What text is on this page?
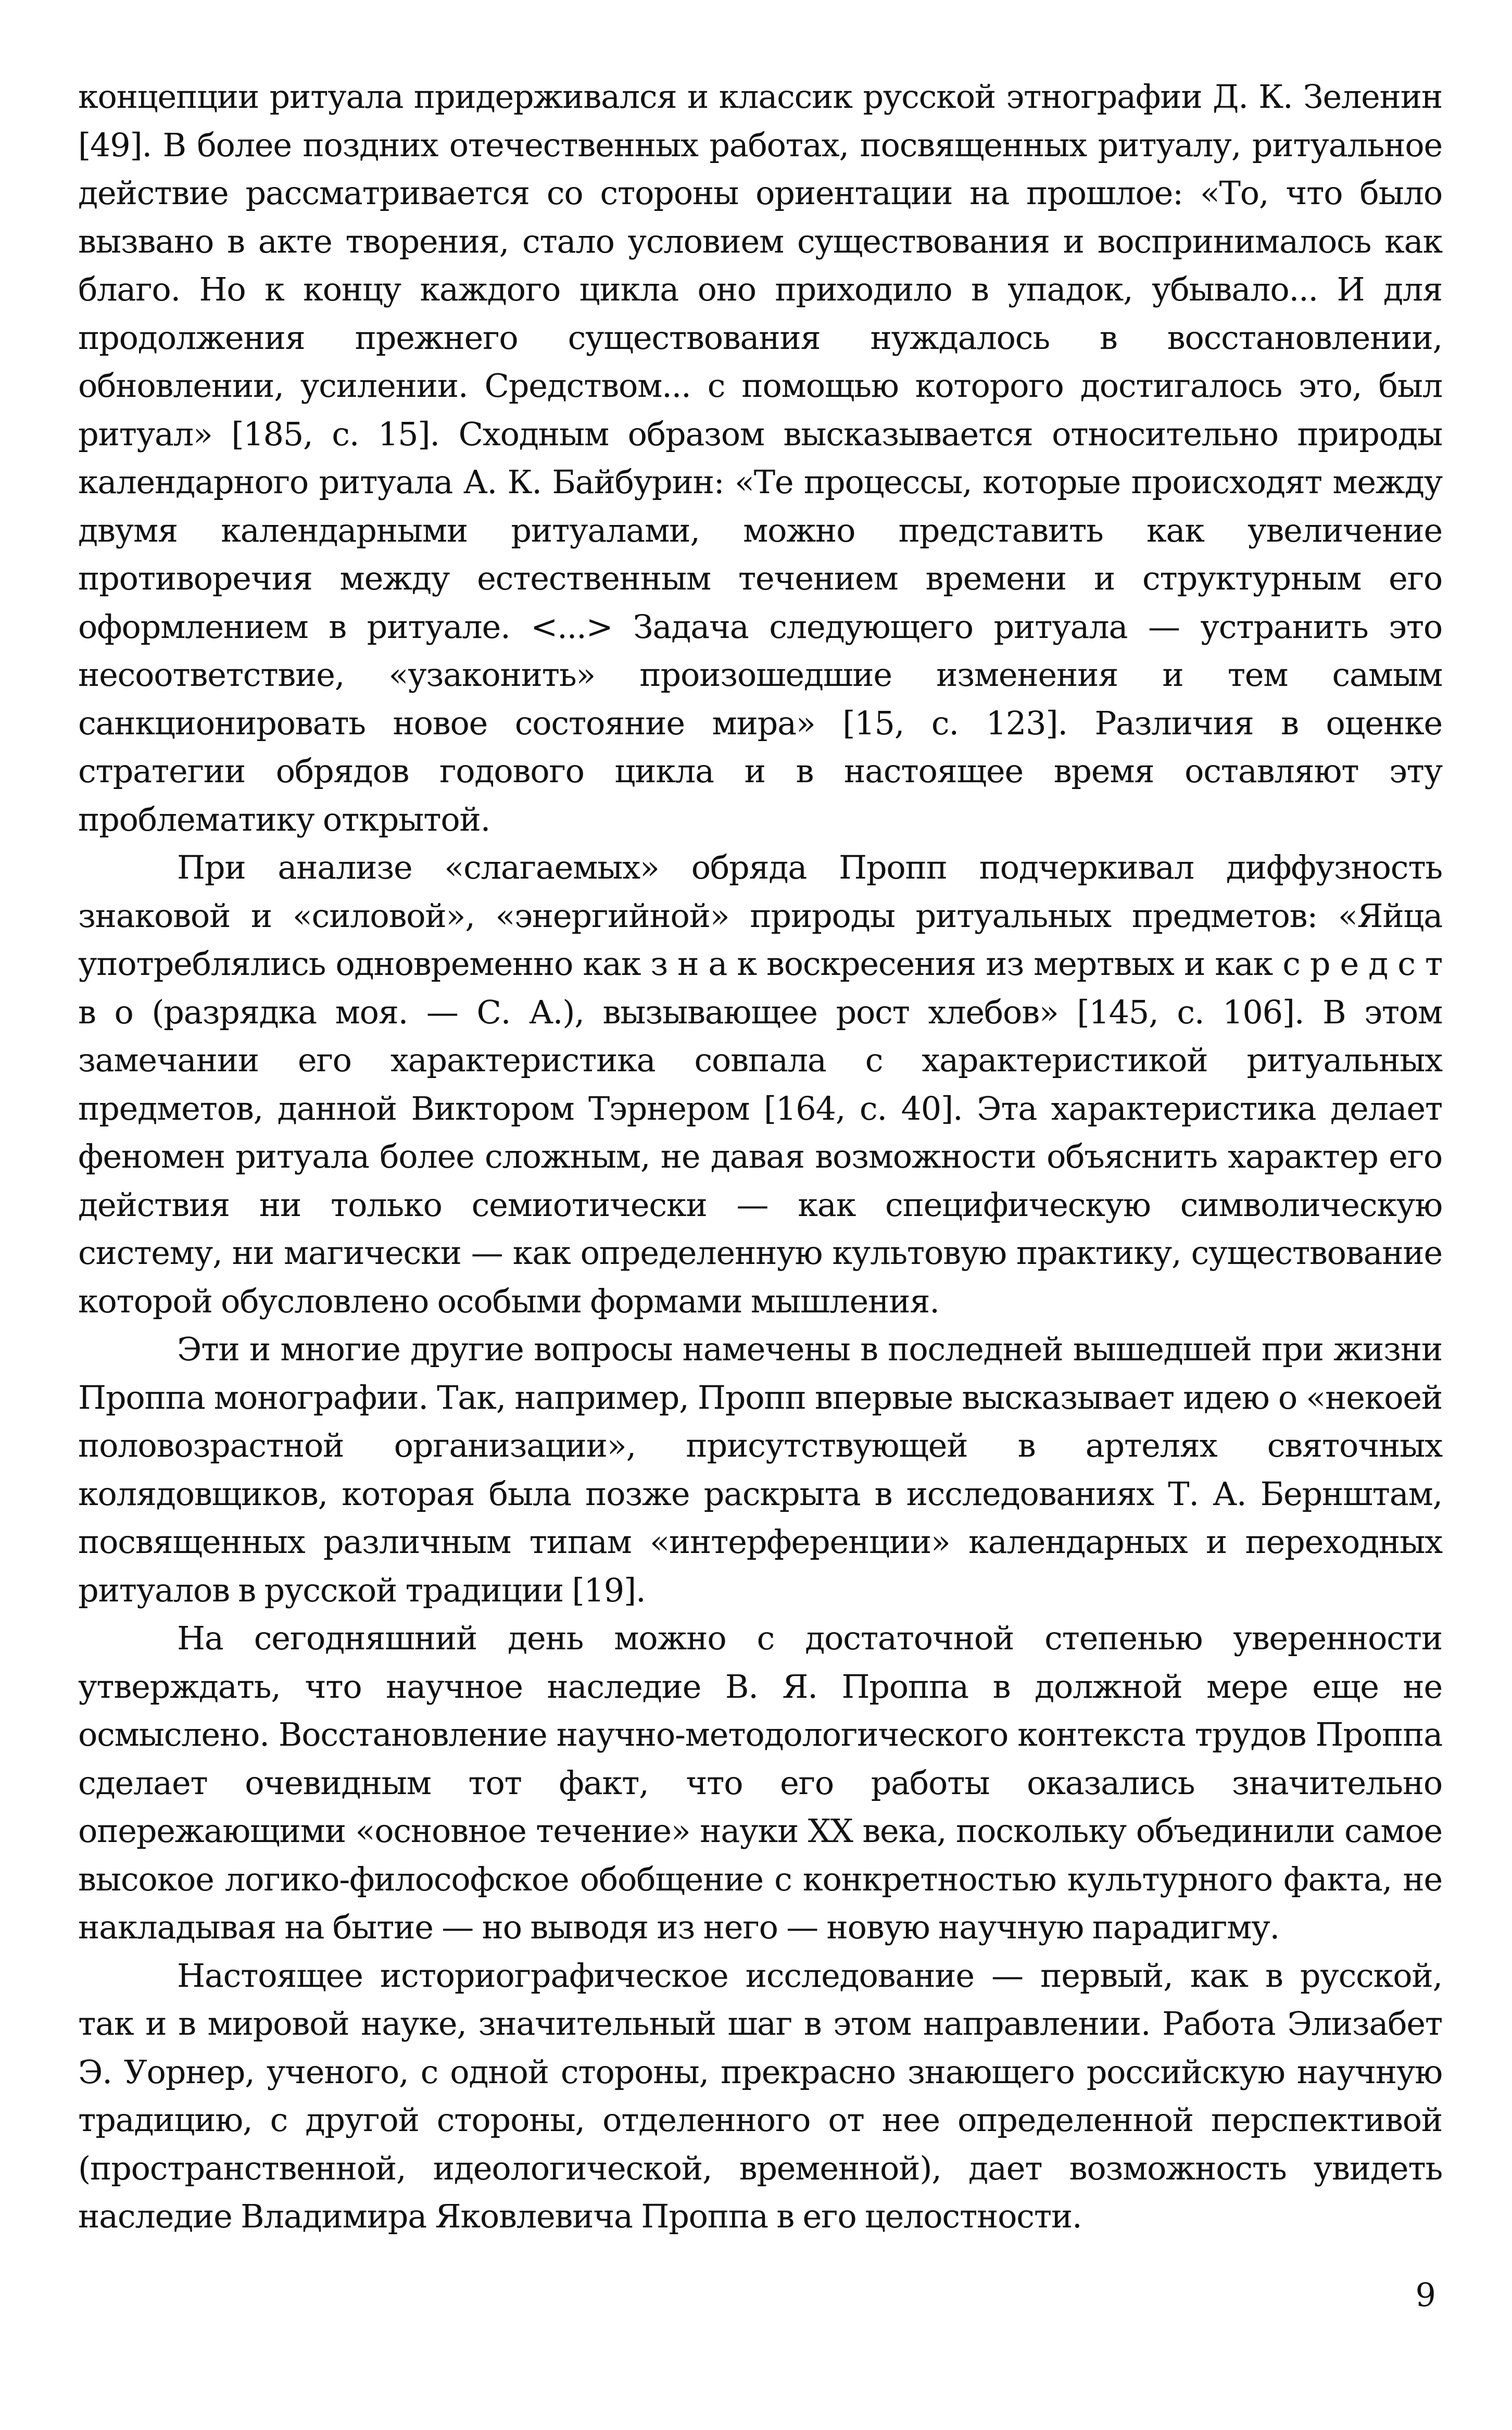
концепции ритуала придерживался и классик русской этнографии Д. К. Зеленин [49]. В более поздних отечественных работах, посвященных ритуалу, ритуальное действие рассматривается со стороны ориентации на прошлое: «То, что было вызвано в акте творения, стало условием существования и воспринималось как благо. Но к концу каждого цикла оно приходило в упадок, убывало... И для продолжения прежнего существования нуждалось в восстановлении, обновлении, усилении. Средством... с помощью которого достигалось это, был ритуал» [185, с. 15]. Сходным образом высказывается относительно природы календарного ритуала А. К. Байбурин: «Те процессы, которые происходят между двумя календарными ритуалами, можно представить как увеличение противоречия между естественным течением времени и структурным его оформлением в ритуале. <...> Задача следующего ритуала — устранить это несоответствие, «узаконить» произошедшие изменения и тем самым санкционировать новое состояние мира» [15, с. 123]. Различия в оценке стратегии обрядов годового цикла и в настоящее время оставляют эту проблематику открытой.

При анализе «слагаемых» обряда Пропп подчеркивал диффузность знаковой и «силовой», «энергийной» природы ритуальных предметов: «Яйца употреблялись одновременно как з н а к воскресения из мертвых и как с р е д с т в о (разрядка моя. — С. А.), вызывающее рост хлебов» [145, с. 106]. В этом замечании его характеристика совпала с характеристикой ритуальных предметов, данной Виктором Тэрнером [164, с. 40]. Эта характеристика делает феномен ритуала более сложным, не давая возможности объяснить характер его действия ни только семиотически — как специфическую символическую систему, ни магически — как определенную культовую практику, существование которой обусловлено особыми формами мышления.

Эти и многие другие вопросы намечены в последней вышедшей при жизни Проппа монографии. Так, например, Пропп впервые высказывает идею о «некоей половозрастной организации», присутствующей в артелях святочных колядовщиков, которая была позже раскрыта в исследованиях Т. А. Бернштам, посвященных различным типам «интерференции» календарных и переходных ритуалов в русской традиции [19].

На сегодняшний день можно с достаточной степенью уверенности утверждать, что научное наследие В. Я. Проппа в должной мере еще не осмыслено. Восстановление научно-методологического контекста трудов Проппа сделает очевидным тот факт, что его работы оказались значительно опережающими «основное течение» науки XX века, поскольку объединили самое высокое логико-философское обобщение с конкретностью культурного факта, не накладывая на бытие — но выводя из него — новую научную парадигму.

Настоящее историографическое исследование — первый, как в русской, так и в мировой науке, значительный шаг в этом направлении. Работа Элизабет Э. Уорнер, ученого, с одной стороны, прекрасно знающего российскую научную традицию, с другой стороны, отделенного от нее определенной перспективой (пространственной, идеологической, временной), дает возможность увидеть наследие Владимира Яковлевича Проппа в его целостности.

9
